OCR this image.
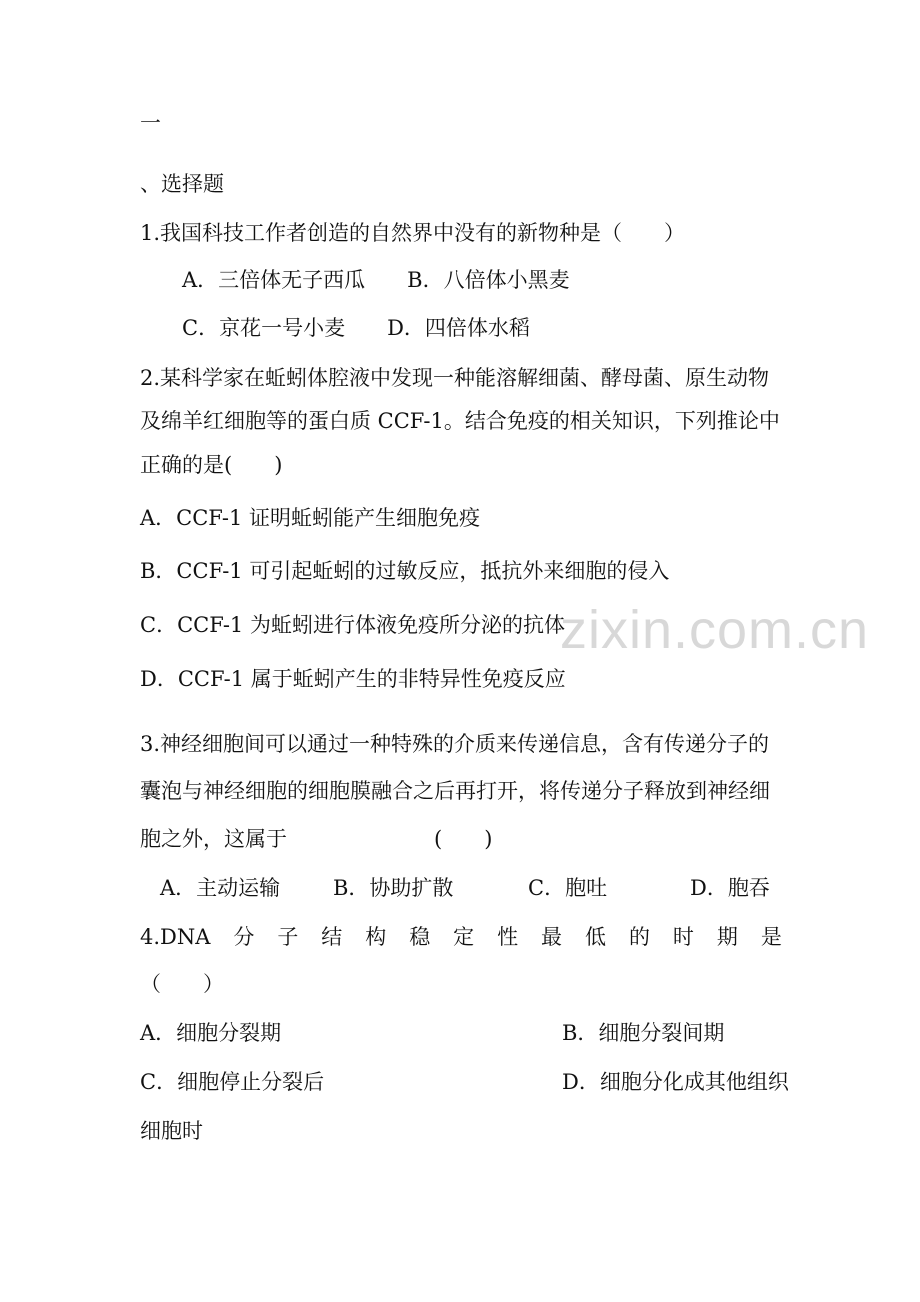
zixin.com.cn
一
、选择题
1.我国科技工作者创造的自然界中没有的新物种是（　　）
A．三倍体无子西瓜　　B．八倍体小黑麦
C．京花一号小麦　　D．四倍体水稻
2.某科学家在蚯蚓体腔液中发现一种能溶解细菌、酵母菌、原生动物
及绵羊红细胞等的蛋白质 CCF-1。结合免疫的相关知识，下列推论中
正确的是(　　)
A．CCF-1 证明蚯蚓能产生细胞免疫
B．CCF-1 可引起蚯蚓的过敏反应，抵抗外来细胞的侵入
C．CCF-1 为蚯蚓进行体液免疫所分泌的抗体
D．CCF-1 属于蚯蚓产生的非特异性免疫反应
3.神经细胞间可以通过一种特殊的介质来传递信息，含有传递分子的
囊泡与神经细胞的细胞膜融合之后再打开，将传递分子释放到神经细
胞之外，这属于	(　　)
A．主动运输	B．协助扩散	C．胞吐	D．胞吞
4.DNA 分 子 结 构 稳 定 性 最 低 的 时 期 是
（　　）
A．细胞分裂期	B．细胞分裂间期
C．细胞停止分裂后	D．细胞分化成其他组织
细胞时
